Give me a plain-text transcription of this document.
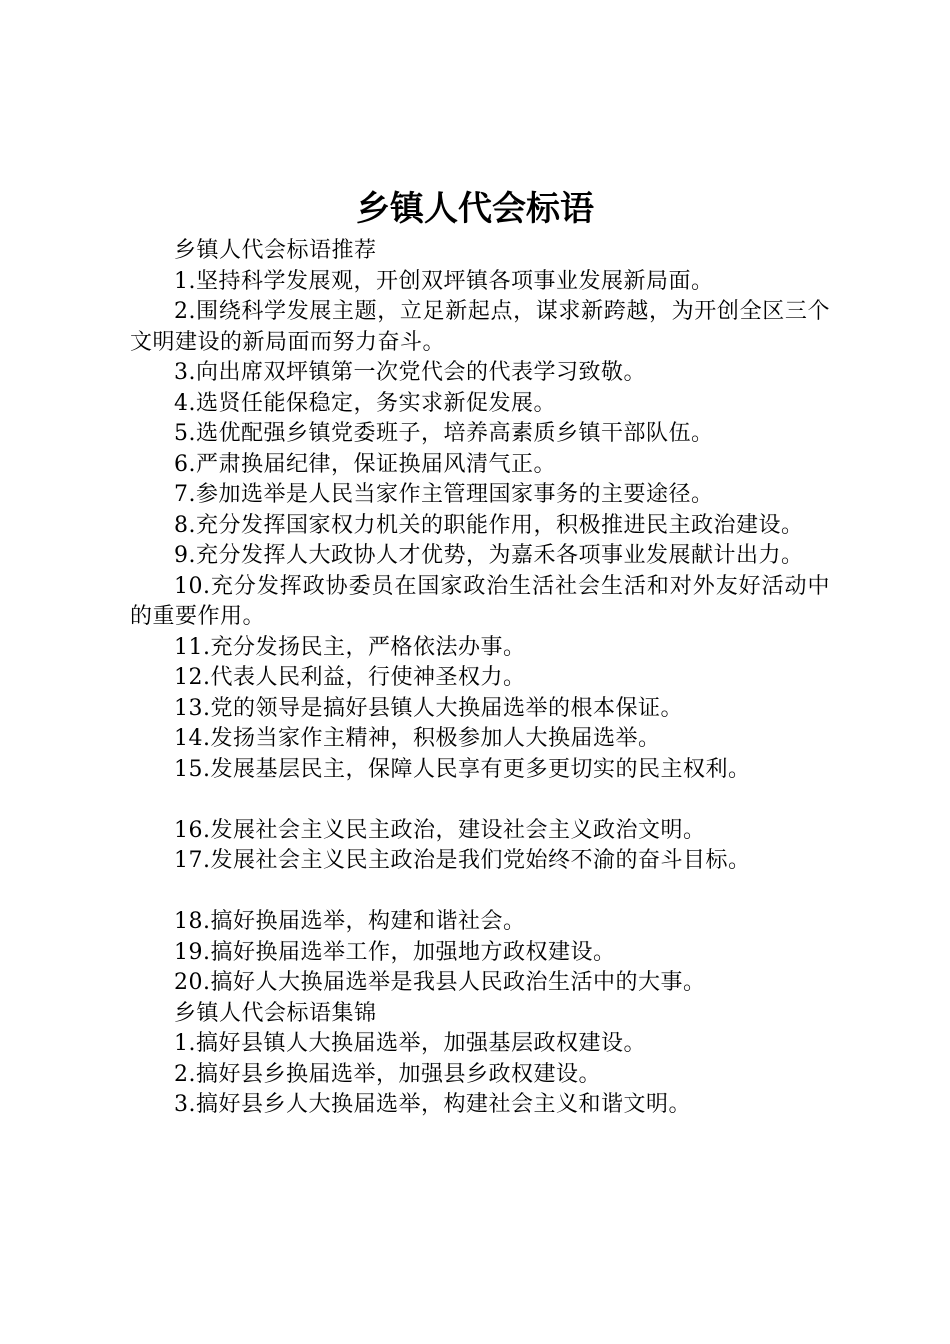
乡镇人代会标语

乡镇人代会标语推荐

1.坚持科学发展观，开创双坪镇各项事业发展新局面。

2.围绕科学发展主题，立足新起点，谋求新跨越，为开创全区三个文明建设的新局面而努力奋斗。

3.向出席双坪镇第一次党代会的代表学习致敬。

4.选贤任能保稳定，务实求新促发展。

5.选优配强乡镇党委班子，培养高素质乡镇干部队伍。

6.严肃换届纪律，保证换届风清气正。

7.参加选举是人民当家作主管理国家事务的主要途径。

8.充分发挥国家权力机关的职能作用，积极推进民主政治建设。

9.充分发挥人大政协人才优势，为嘉禾各项事业发展献计出力。

10.充分发挥政协委员在国家政治生活社会生活和对外友好活动中的重要作用。

11.充分发扬民主，严格依法办事。

12.代表人民利益，行使神圣权力。

13.党的领导是搞好县镇人大换届选举的根本保证。

14.发扬当家作主精神，积极参加人大换届选举。

15.发展基层民主，保障人民享有更多更切实的民主权利。

16.发展社会主义民主政治，建设社会主义政治文明。

17.发展社会主义民主政治是我们党始终不渝的奋斗目标。

18.搞好换届选举，构建和谐社会。

19.搞好换届选举工作，加强地方政权建设。

20.搞好人大换届选举是我县人民政治生活中的大事。

乡镇人代会标语集锦

1.搞好县镇人大换届选举，加强基层政权建设。

2.搞好县乡换届选举，加强县乡政权建设。

3.搞好县乡人大换届选举，构建社会主义和谐文明。
